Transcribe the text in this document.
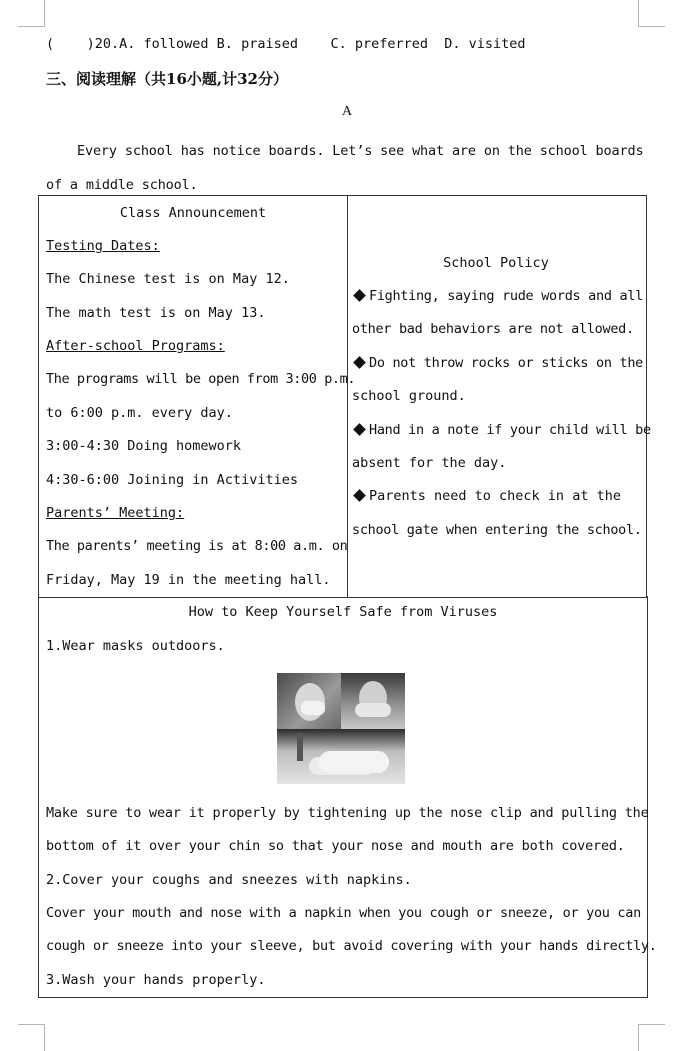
(    )20.A. followed B. praised    C. preferred  D. visited
三、阅读理解（共16小题,计32分）
A
Every school has notice boards. Let’s see what are on the school boards of a middle school.
Class Announcement
Testing Dates:
The Chinese test is on May 12.
The math test is on May 13.
After-school Programs:
The programs will be open from 3:00 p.m.
to 6:00 p.m. every day.
3:00-4:30 Doing homework
4:30-6:00 Joining in Activities
Parents’ Meeting:
The parents’ meeting is at 8:00 a.m. on
Friday, May 19 in the meeting hall.
School Policy
Fighting, saying rude words and all
other bad behaviors are not allowed.
Do not throw rocks or sticks on the
school ground.
Hand in a note if your child will be
absent for the day.
Parents need to check in at the
school gate when entering the school.
How to Keep Yourself Safe from Viruses
1.Wear masks outdoors.
Make sure to wear it properly by tightening up the nose clip and pulling the
bottom of it over your chin so that your nose and mouth are both covered.
2.Cover your coughs and sneezes with napkins.
Cover your mouth and nose with a napkin when you cough or sneeze, or you can
cough or sneeze into your sleeve, but avoid covering with your hands directly.
3.Wash your hands properly.
